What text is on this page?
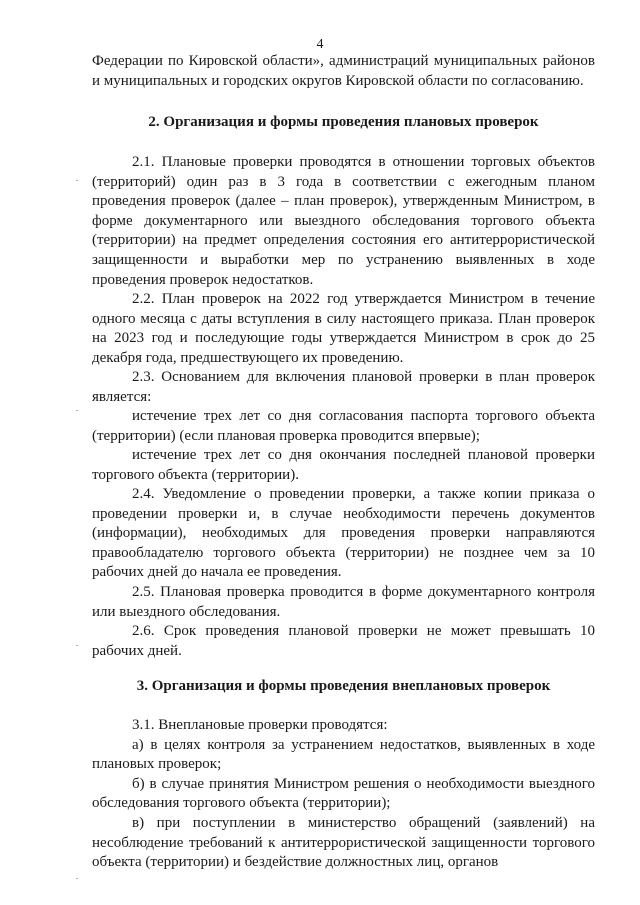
4

Федерации по Кировской области», администраций муниципальных районов и муниципальных и городских округов Кировской области по согласованию.

2. Организация и формы проведения плановых проверок

2.1. Плановые проверки проводятся в отношении торговых объектов (территорий) один раз в 3 года в соответствии с ежегодным планом проведения проверок (далее – план проверок), утвержденным Министром, в форме документарного или выездного обследования торгового объекта (территории) на предмет определения состояния его антитеррористической защищенности и выработки мер по устранению выявленных в ходе проведения проверок недостатков.

2.2. План проверок на 2022 год утверждается Министром в течение одного месяца с даты вступления в силу настоящего приказа. План проверок на 2023 год и последующие годы утверждается Министром в срок до 25 декабря года, предшествующего их проведению.

2.3. Основанием для включения плановой проверки в план проверок является:

истечение трех лет со дня согласования паспорта торгового объекта (территории) (если плановая проверка проводится впервые);

истечение трех лет со дня окончания последней плановой проверки торгового объекта (территории).

2.4. Уведомление о проведении проверки, а также копии приказа о проведении проверки и, в случае необходимости перечень документов (информации), необходимых для проведения проверки направляются правообладателю торгового объекта (территории) не позднее чем за 10 рабочих дней до начала ее проведения.

2.5. Плановая проверка проводится в форме документарного контроля или выездного обследования.

2.6. Срок проведения плановой проверки не может превышать 10 рабочих дней.

3. Организация и формы проведения внеплановых проверок

3.1. Внеплановые проверки проводятся:

а) в целях контроля за устранением недостатков, выявленных в ходе плановых проверок;

б) в случае принятия Министром решения о необходимости выездного обследования торгового объекта (территории);

в) при поступлении в министерство обращений (заявлений) на несоблюдение требований к антитеррористической защищенности торгового объекта (территории) и бездействие должностных лиц, органов
